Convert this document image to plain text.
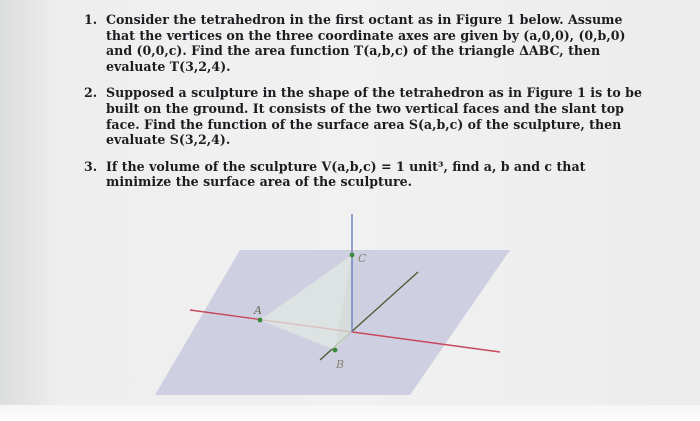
1. Consider the tetrahedron in the first octant as in Figure 1 below. Assume that the vertices on the three coordinate axes are given by (a,0,0), (0,b,0) and (0,0,c). Find the area function T(a,b,c) of the triangle ΔABC, then evaluate T(3,2,4).
2. Supposed a sculpture in the shape of the tetrahedron as in Figure 1 is to be built on the ground. It consists of the two vertical faces and the slant top face. Find the function of the surface area S(a,b,c) of the sculpture, then evaluate S(3,2,4).
3. If the volume of the sculpture V(a,b,c) = 1 unit³, find a, b and c that minimize the surface area of the sculpture.
A
B
C
